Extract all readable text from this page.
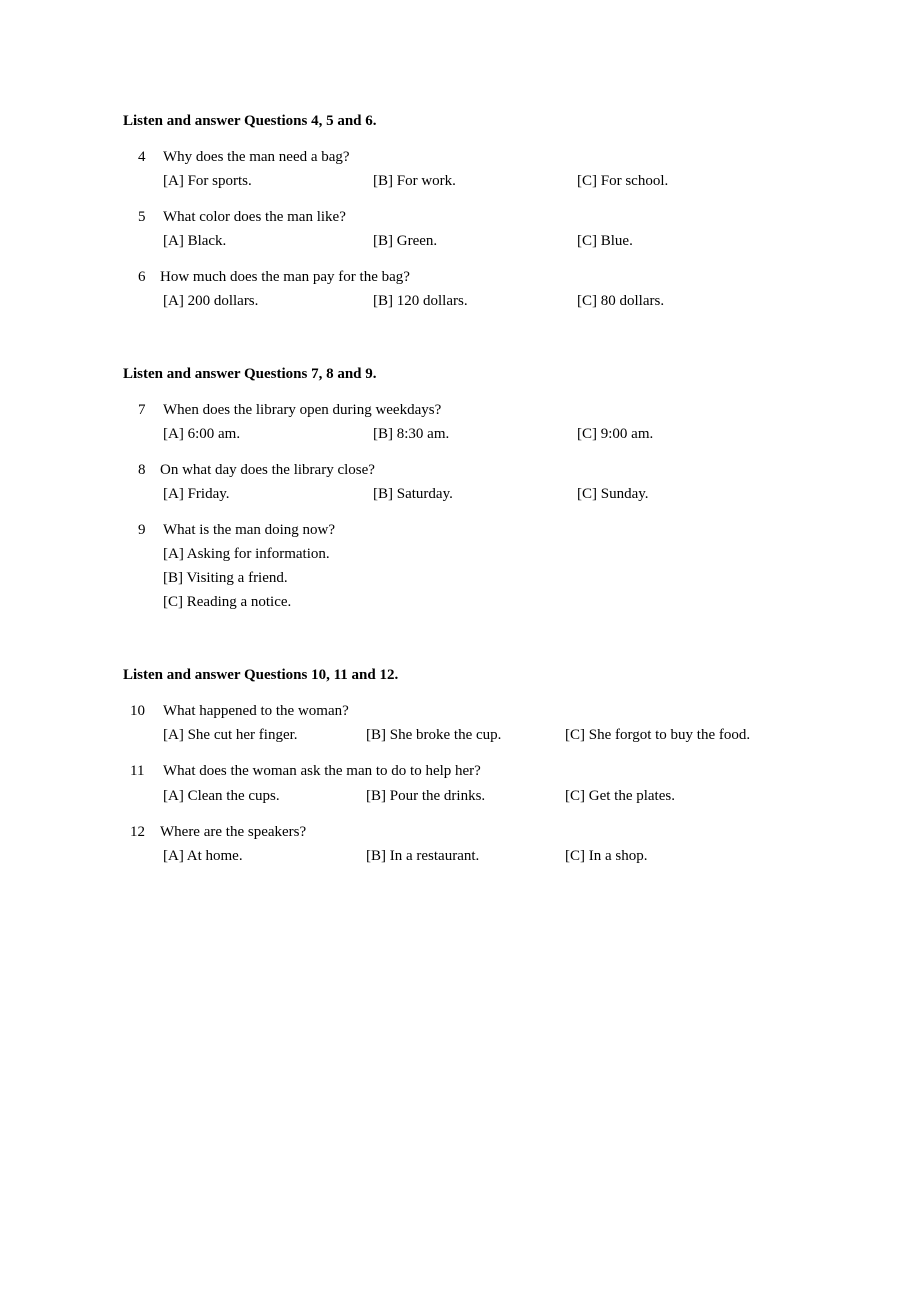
Listen and answer Questions 4, 5 and 6.
4 Why does the man need a bag?
[A] For sports.	[B] For work.	[C] For school.
5 What color does the man like?
[A] Black.	[B] Green.	[C] Blue.
6 How much does the man pay for the bag?
[A] 200 dollars.	[B] 120 dollars.	[C] 80 dollars.
Listen and answer Questions 7, 8 and 9.
7 When does the library open during weekdays?
[A] 6:00 am.	[B] 8:30 am.	[C] 9:00 am.
8 On what day does the library close?
[A] Friday.	[B] Saturday.	[C] Sunday.
9 What is the man doing now?
[A] Asking for information.
[B] Visiting a friend.
[C] Reading a notice.
Listen and answer Questions 10, 11 and 12.
10 What happened to the woman?
[A] She cut her finger.	[B] She broke the cup.	[C] She forgot to buy the food.
11 What does the woman ask the man to do to help her?
[A] Clean the cups.	[B] Pour the drinks.	[C] Get the plates.
12 Where are the speakers?
[A] At home.	[B] In a restaurant.	[C] In a shop.
